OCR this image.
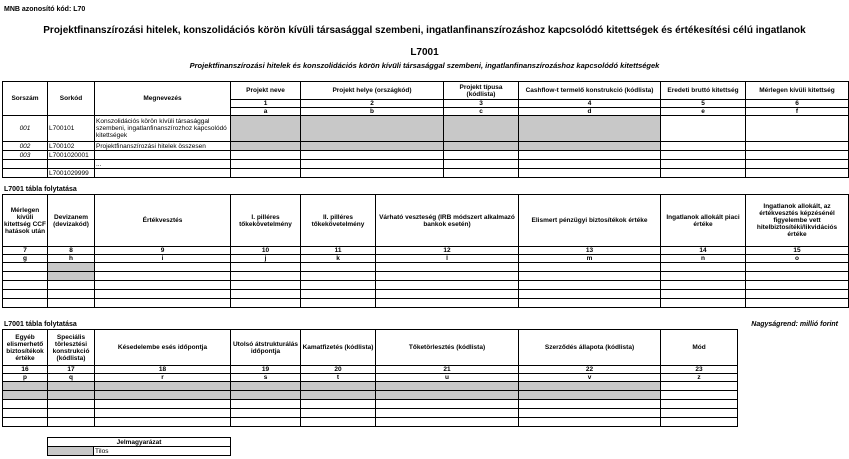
MNB azonosító kód: L70
Projektfinanszírozási hitelek, konszolidációs körön kívüli társasággal szembeni, ingatlanfinanszírozáshoz kapcsolódó kitettségek és értékesítési célú ingatlanok
L7001
Projektfinanszírozási hitelek és konszolidációs körön kívüli társasággal szembeni, ingatlanfinanszírozáshoz kapcsolódó kitettségek
Sorszám	Sorkód	Megnevezés	Projekt neve	Projekt helye (országkód)	Projekt típusa (kódlista)	Cashflow-t termelő konstrukció (kódlista)	Eredeti bruttó kitettség	Mérlegen kívüli kitettség
			1	2	3	4	5	6
			a	b	c	d	e	f
001	L700101	Konszolidációs körön kívüli társasággal szembeni, ingatlanfinanszírozhoz kapcsolódó kitettségek						
002	L700102	Projektfinanszírozási hitelek összesen						
003	L7001020001							
		...						
	L7001029999							
L7001 tábla folytatása
Mérlegen kívüli kitettség CCF hatások után	Devizanem (devizakód)	Értékvesztés	I. pilléres tőkekövetelmény	II. pilléres tőkekövetelmény	Várható veszteség (IRB módszert alkalmazó bankok esetén)	Elismert pénzügyi biztosítékok értéke	Ingatlanok allokált piaci értéke	Ingatlanok allokált, az értékvesztés képzésénél figyelembe vett hitelbiztosítéki/likvidációs értéke
7	8	9	10	11	12	13	14	15
g	h	i	j	k	l	m	n	o

L7001 tábla folytatása	Nagyságrend: millió forint
Egyéb elismerhető biztosítékok értéke	Speciális törlesztési konstrukció (kódlista)	Késedelembe esés időpontja	Utolsó átstrukturálás időpontja	Kamatfizetés (kódlista)	Tőketörlesztés (kódlista)	Szerződés állapota (kódlista)	Mód
16	17	18	19	20	21	22	23
p	q	r	s	t	u	v	z

Jelmagyarázat
	Tilos
